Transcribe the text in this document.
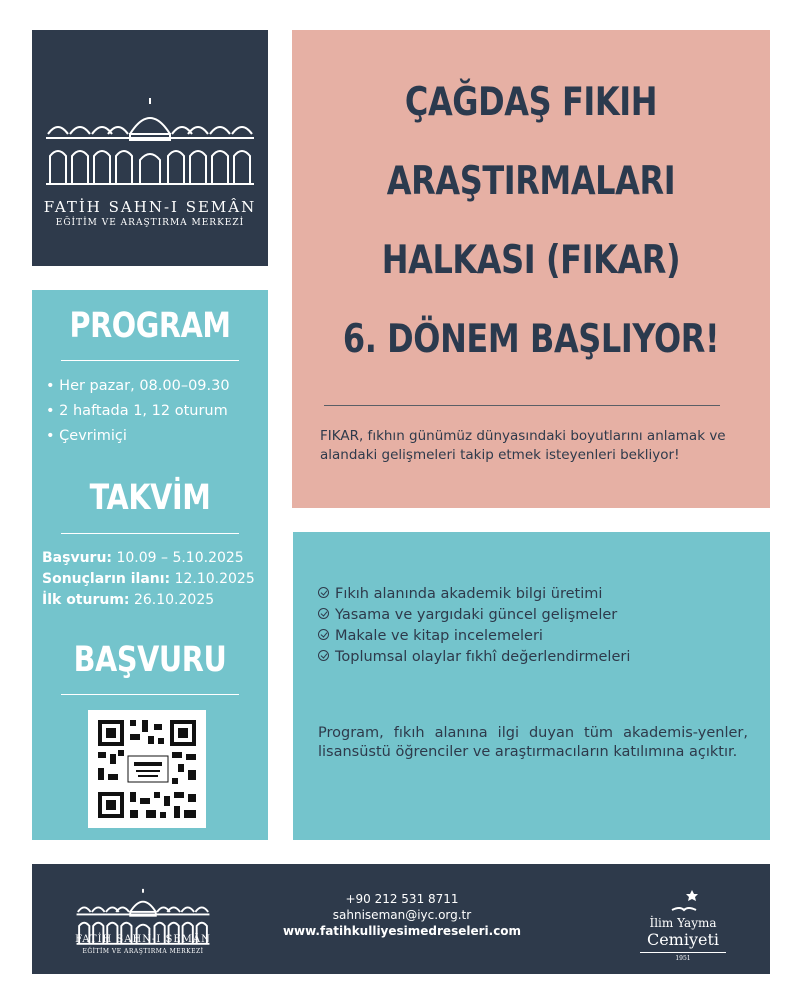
FATİH SAHN-I SEMÂN
EĞİTİM VE ARAŞTIRMA MERKEZİ
ÇAĞDAŞ FIKIH
ARAŞTIRMALARI
HALKASI (FIKAR)
6. DÖNEM BAŞLIYOR!
FIKAR, fıkhın günümüz dünyasındaki boyutlarını anlamak ve alandaki gelişmeleri takip etmek isteyenleri bekliyor!
PROGRAM
• Her pazar, 08.00–09.30
• 2 haftada 1, 12 oturum
• Çevrimiçi
TAKVİM
Başvuru: 10.09 – 5.10.2025
Sonuçların ilanı: 12.10.2025
İlk oturum: 26.10.2025
BAŞVURU
Fıkıh alanında akademik bilgi üretimi
Yasama ve yargıdaki güncel gelişmeler
Makale ve kitap incelemeleri
Toplumsal olaylar fıkhî değerlendirmeleri
Program, fıkıh alanına ilgi duyan tüm akademis-yenler, lisansüstü öğrenciler ve araştırmacıların katılımına açıktır.
FATİH SAHN-I SEMÂN
EĞİTİM VE ARAŞTIRMA MERKEZİ
+90 212 531 8711
sahniseman@iyc.org.tr
www.fatihkulliyesimedreseleri.com
İlim Yayma
Cemiyeti
1951
